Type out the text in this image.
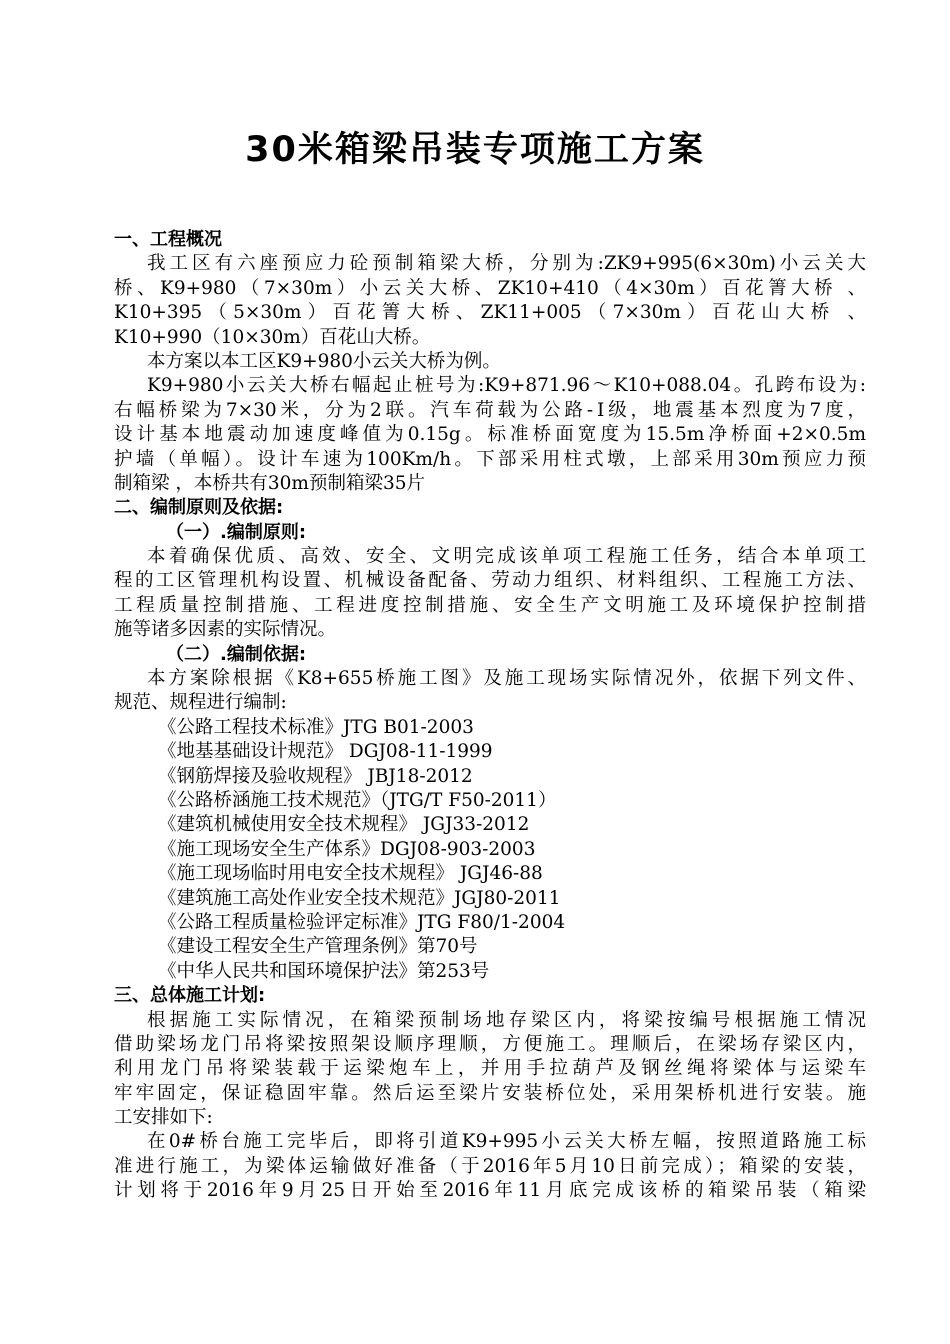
30米箱梁吊装专项施工方案
一、工程概况
我工区有六座预应力砼预制箱梁大桥，分别为:ZK9+995(6×30m)小云关大
桥、K9+980（7×30m）小云关大桥、ZK10+410（4×30m）百花箐大桥 、
K10+395（5×30m）百花箐大桥、ZK11+005（7×30m）百花山大桥 、
K10+990（10×30m）百花山大桥。
本方案以本工区K9+980小云关大桥为例。
K9+980小云关大桥右幅起止桩号为:K9+871.96～K10+088.04。孔跨布设为:
右幅桥梁为7×30米，分为2联。汽车荷载为公路-Ⅰ级，地震基本烈度为7度，
设计基本地震动加速度峰值为0.15g。标准桥面宽度为15.5m净桥面+2×0.5m
护墙（单幅）。设计车速为100Km/h。下部采用柱式墩，上部采用30m预应力预
制箱梁 ，本桥共有30m预制箱梁35片
二、编制原则及依据:
（一）.编制原则:
本着确保优质、高效、安全、文明完成该单项工程施工任务，结合本单项工
程的工区管理机构设置、机械设备配备、劳动力组织、材料组织、工程施工方法、
工程质量控制措施、工程进度控制措施、安全生产文明施工及环境保护控制措
施等诸多因素的实际情况。
（二）.编制依据:
本方案除根据《K8+655桥施工图》及施工现场实际情况外，依据下列文件、
规范、规程进行编制:
《公路工程技术标准》JTG B01-2003
《地基基础设计规范》 DGJ08-11-1999
《钢筋焊接及验收规程》 JBJ18-2012
《公路桥涵施工技术规范》（JTG/T F50-2011）
《建筑机械使用安全技术规程》 JGJ33-2012
《施工现场安全生产体系》DGJ08-903-2003
《施工现场临时用电安全技术规程》 JGJ46-88
《建筑施工高处作业安全技术规范》JGJ80-2011
《公路工程质量检验评定标准》JTG F80/1-2004
《建设工程安全生产管理条例》第70号
《中华人民共和国环境保护法》第253号
三、总体施工计划:
根据施工实际情况，在箱梁预制场地存梁区内，将梁按编号根据施工情况
借助梁场龙门吊将梁按照架设顺序理顺，方便施工。理顺后，在梁场存梁区内，
利用龙门吊将梁装载于运梁炮车上，并用手拉葫芦及钢丝绳将梁体与运梁车
牢牢固定，保证稳固牢靠。然后运至梁片安装桥位处，采用架桥机进行安装。施
工安排如下:
在0#桥台施工完毕后，即将引道K9+995小云关大桥左幅，按照道路施工标
准进行施工，为梁体运输做好准备（于2016年5月10日前完成）；箱梁的安装，
计划将于2016年9月25日开始至2016年11月底完成该桥的箱梁吊装（箱梁
